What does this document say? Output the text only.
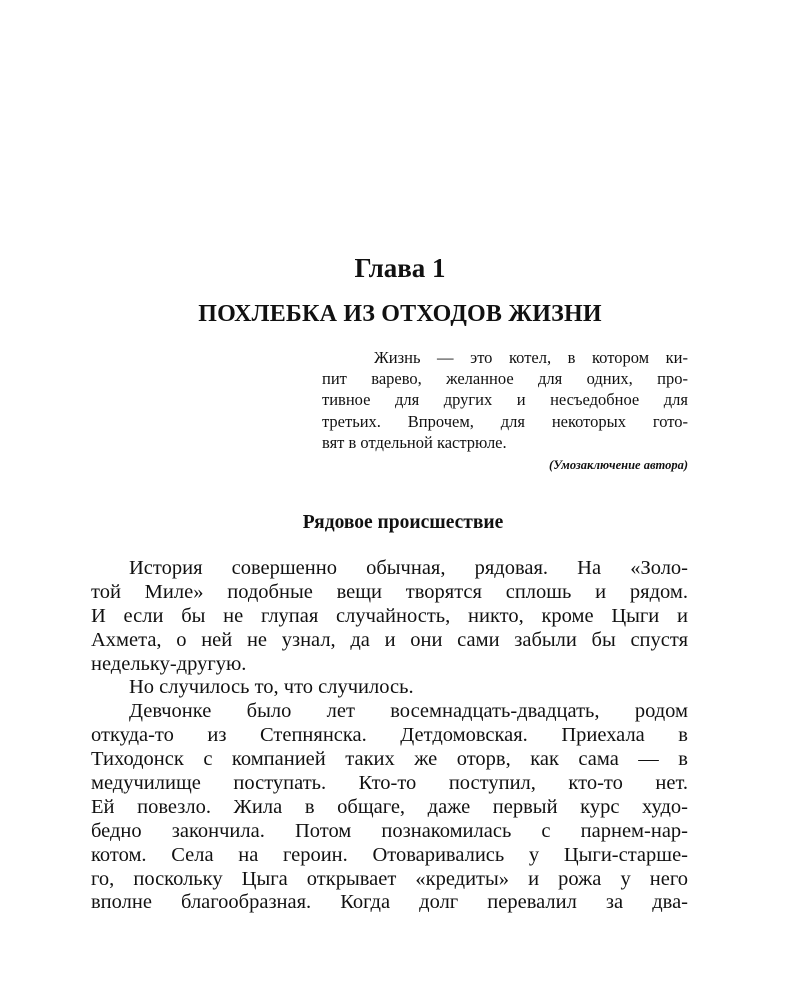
Глава 1
ПОХЛЕБКА ИЗ ОТХОДОВ ЖИЗНИ
Жизнь — это котел, в котором ки-
пит варево, желанное для одних, про-
тивное для других и несъедобное для
третьих. Впрочем, для некоторых гото-
вят в отдельной кастрюле.
(Умозаключение автора)
Рядовое происшествие
История совершенно обычная, рядовая. На «Золо-
той Миле» подобные вещи творятся сплошь и рядом.
И если бы не глупая случайность, никто, кроме Цыги и
Ахмета, о ней не узнал, да и они сами забыли бы спустя
недельку-другую.
Но случилось то, что случилось.
Девчонке было лет восемнадцать-двадцать, родом
откуда-то из Степнянска. Детдомовская. Приехала в
Тиходонск с компанией таких же оторв, как сама — в
медучилище поступать. Кто-то поступил, кто-то нет.
Ей повезло. Жила в общаге, даже первый курс худо-
бедно закончила. Потом познакомилась с парнем-нар-
котом. Села на героин. Отоваривались у Цыги-старше-
го, поскольку Цыга открывает «кредиты» и рожа у него
вполне благообразная. Когда долг перевалил за два-
